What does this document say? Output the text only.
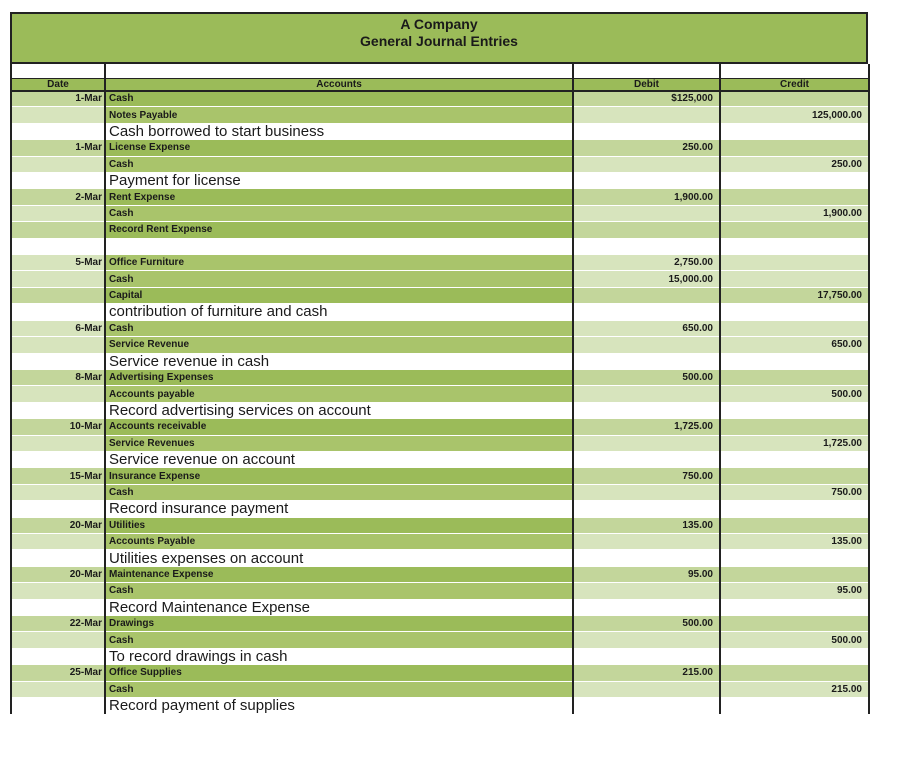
A Company
General Journal Entries

Date	Accounts	Debit	Credit
1-Mar	Cash	$125,000	
	Notes Payable		125,000.00
	Cash borrowed to start business		
1-Mar	License Expense	250.00	
	Cash		250.00
	Payment for license		
2-Mar	Rent Expense	1,900.00	
	Cash		1,900.00
	Record Rent Expense		

5-Mar	Office Furniture	2,750.00	
	Cash	15,000.00	
	Capital		17,750.00
	contribution of furniture and cash		
6-Mar	Cash	650.00	
	Service Revenue		650.00
	Service revenue in cash		
8-Mar	Advertising Expenses	500.00	
	Accounts payable		500.00
	Record advertising services on account		
10-Mar	Accounts receivable	1,725.00	
	Service Revenues		1,725.00
	Service revenue on account		
15-Mar	Insurance Expense	750.00	
	Cash		750.00
	Record insurance payment		
20-Mar	Utilities	135.00	
	Accounts Payable		135.00
	Utilities expenses on account		
20-Mar	Maintenance Expense	95.00	
	Cash		95.00
	Record Maintenance Expense		
22-Mar	Drawings	500.00	
	Cash		500.00
	To record drawings in cash		
25-Mar	Office Supplies	215.00	
	Cash		215.00
	Record payment of supplies		
